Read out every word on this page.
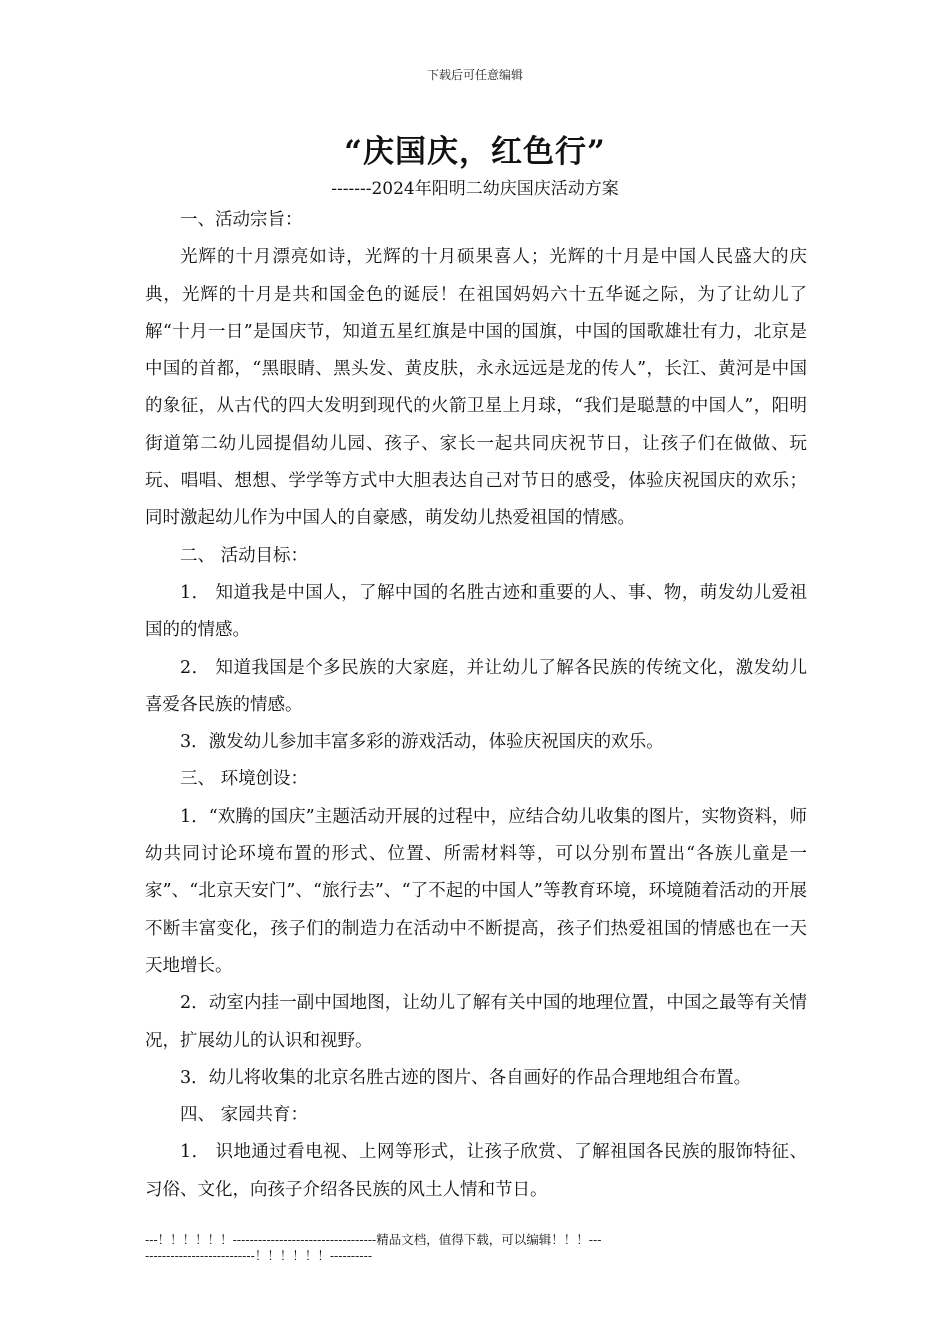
下载后可任意编辑
“庆国庆，红色行”
-------2024年阳明二幼庆国庆活动方案

一、活动宗旨：

光辉的十月漂亮如诗，光辉的十月硕果喜人；光辉的十月是中国人民盛大的庆典，光辉的十月是共和国金色的诞辰！在祖国妈妈六十五华诞之际，为了让幼儿了解“十月一日”是国庆节，知道五星红旗是中国的国旗，中国的国歌雄壮有力，北京是中国的首都，“黑眼睛、黑头发、黄皮肤，永永远远是龙的传人”，长江、黄河是中国的象征，从古代的四大发明到现代的火箭卫星上月球，“我们是聪慧的中国人”，阳明街道第二幼儿园提倡幼儿园、孩子、家长一起共同庆祝节日，让孩子们在做做、玩玩、唱唱、想想、学学等方式中大胆表达自己对节日的感受，体验庆祝国庆的欢乐；同时激起幼儿作为中国人的自豪感，萌发幼儿热爱祖国的情感。

二、 活动目标：

1． 知道我是中国人，了解中国的名胜古迹和重要的人、事、物，萌发幼儿爱祖国的的情感。

2． 知道我国是个多民族的大家庭，并让幼儿了解各民族的传统文化，激发幼儿喜爱各民族的情感。

3．激发幼儿参加丰富多彩的游戏活动，体验庆祝国庆的欢乐。

三、 环境创设：

1．“欢腾的国庆”主题活动开展的过程中，应结合幼儿收集的图片，实物资料，师幼共同讨论环境布置的形式、位置、所需材料等，可以分别布置出“各族儿童是一家”、“北京天安门”、“旅行去”、“了不起的中国人”等教育环境，环境随着活动的开展不断丰富变化，孩子们的制造力在活动中不断提高，孩子们热爱祖国的情感也在一天天地增长。

2．动室内挂一副中国地图，让幼儿了解有关中国的地理位置，中国之最等有关情况，扩展幼儿的认识和视野。

3．幼儿将收集的北京名胜古迹的图片、各自画好的作品合理地组合布置。

四、 家园共育：

1． 识地通过看电视、上网等形式，让孩子欣赏、了解祖国各民族的服饰特征、习俗、文化，向孩子介绍各民族的风土人情和节日。

---！！！！！！----------------------------------精品文档，值得下载，可以编辑！！！-----------------------------！！！！！！----------
